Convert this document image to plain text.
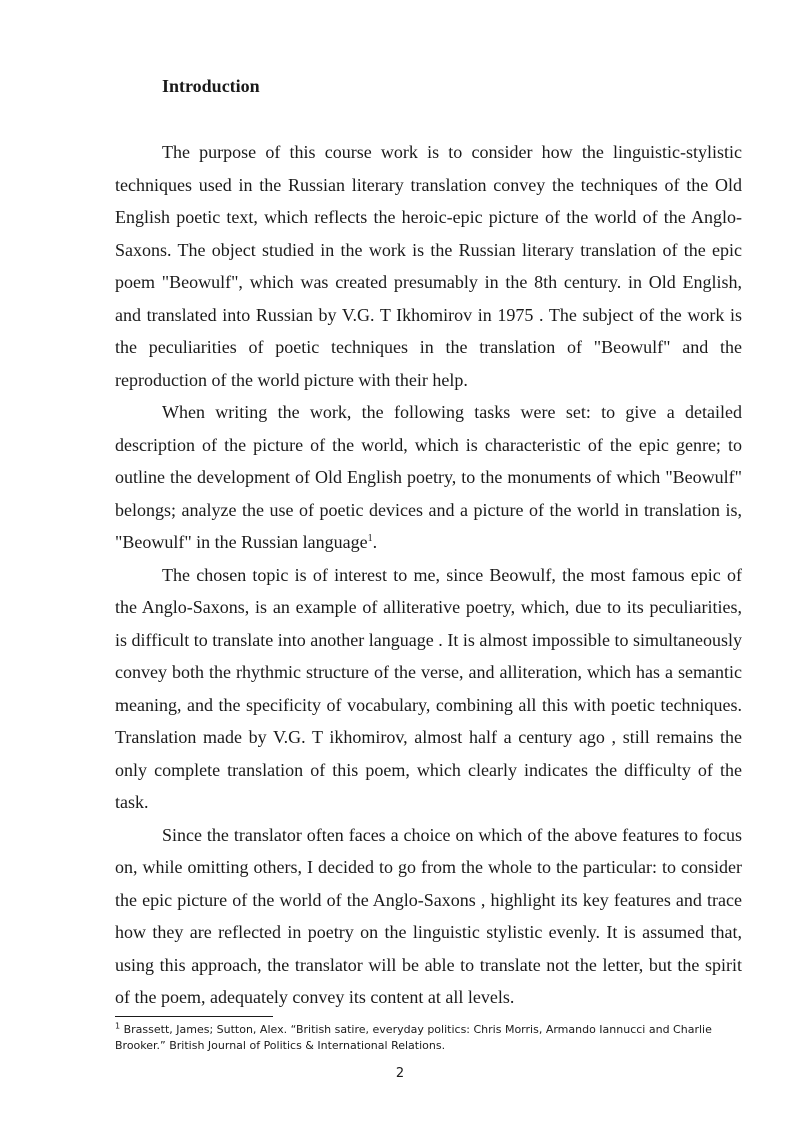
Introduction

The purpose of this course work is to consider how the linguistic-stylistic techniques used in the Russian literary translation convey the techniques of the Old English poetic text, which reflects the heroic-epic picture of the world of the Anglo-Saxons. The object studied in the work is the Russian literary translation of the epic poem "Beowulf", which was created presumably in the 8th century. in Old English, and translated into Russian by V.G. T Ikhomirov in 1975 . The subject of the work is the peculiarities of poetic techniques in the translation of "Beowulf" and the reproduction of the world picture with their help.

When writing the work, the following tasks were set: to give a detailed description of the picture of the world, which is characteristic of the epic genre; to outline the development of Old English poetry, to the monuments of which "Beowulf" belongs; analyze the use of poetic devices and a picture of the world in translation is, "Beowulf" in the Russian language$^1$.

The chosen topic is of interest to me, since Beowulf, the most famous epic of the Anglo-Saxons, is an example of alliterative poetry, which, due to its peculiarities, is difficult to translate into another language . It is almost impossible to simultaneously convey both the rhythmic structure of the verse, and alliteration, which has a semantic meaning, and the specificity of vocabulary, combining all this with poetic techniques. Translation made by V.G. T ikhomirov, almost half a century ago , still remains the only complete translation of this poem, which clearly indicates the difficulty of the task.

Since the translator often faces a choice on which of the above features to focus on, while omitting others, I decided to go from the whole to the particular: to consider the epic picture of the world of the Anglo-Saxons , highlight its key features and trace how they are reflected in poetry on the linguistic stylistic evenly. It is assumed that, using this approach, the translator will be able to translate not the letter, but the spirit of the poem, adequately convey its content at all levels.

$^1$ Brassett, James; Sutton, Alex. “British satire, everyday politics: Chris Morris, Armando Iannucci and Charlie Brooker.” British Journal of Politics & International Relations.
2
